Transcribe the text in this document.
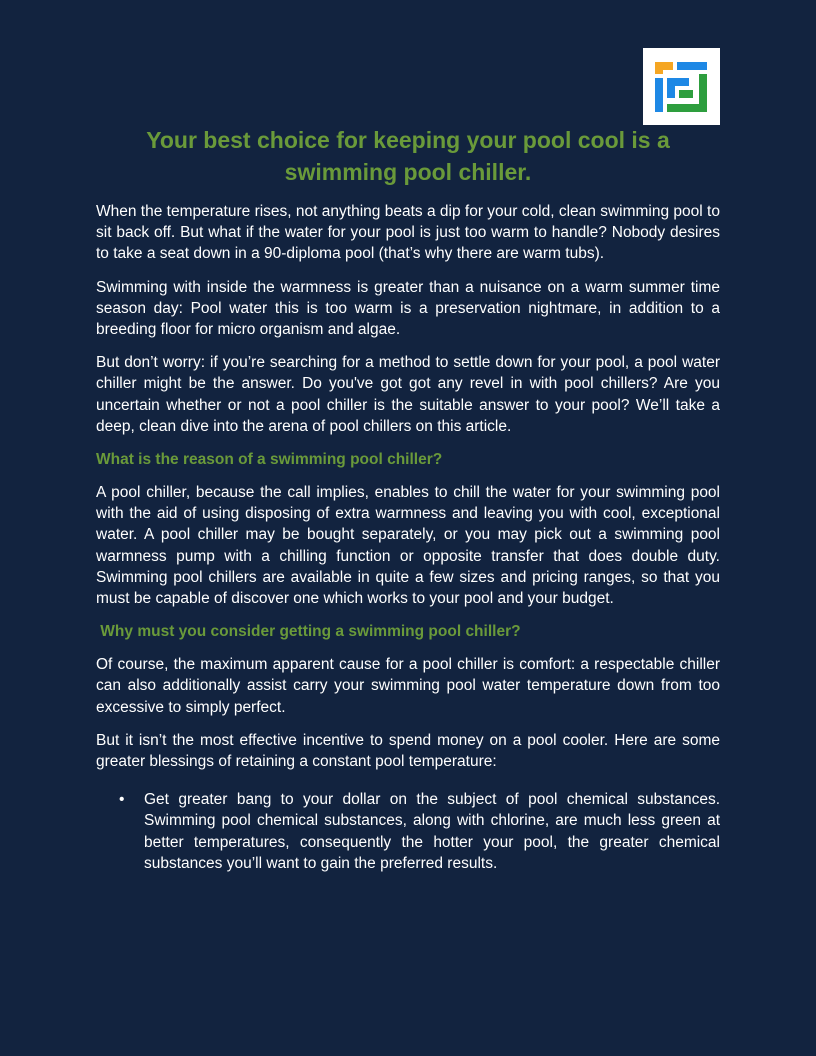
Your best choice for keeping your pool cool is a swimming pool chiller.

When the temperature rises, not anything beats a dip for your cold, clean swimming pool to sit back off. But what if the water for your pool is just too warm to handle? Nobody desires to take a seat down in a 90-diploma pool (that’s why there are warm tubs).

Swimming with inside the warmness is greater than a nuisance on a warm summer time season day: Pool water this is too warm is a preservation nightmare, in addition to a breeding floor for micro organism and algae.

But don’t worry: if you’re searching for a method to settle down for your pool, a pool water chiller might be the answer. Do you've got got any revel in with pool chillers? Are you uncertain whether or not a pool chiller is the suitable answer to your pool? We’ll take a deep, clean dive into the arena of pool chillers on this article.

What is the reason of a swimming pool chiller?

A pool chiller, because the call implies, enables to chill the water for your swimming pool with the aid of using disposing of extra warmness and leaving you with cool, exceptional water. A pool chiller may be bought separately, or you may pick out a swimming pool warmness pump with a chilling function or opposite transfer that does double duty. Swimming pool chillers are available in quite a few sizes and pricing ranges, so that you must be capable of discover one which works to your pool and your budget.

Why must you consider getting a swimming pool chiller?

Of course, the maximum apparent cause for a pool chiller is comfort: a respectable chiller can also additionally assist carry your swimming pool water temperature down from too excessive to simply perfect.

But it isn’t the most effective incentive to spend money on a pool cooler. Here are some greater blessings of retaining a constant pool temperature:

• Get greater bang to your dollar on the subject of pool chemical substances. Swimming pool chemical substances, along with chlorine, are much less green at better temperatures, consequently the hotter your pool, the greater chemical substances you’ll want to gain the preferred results.
